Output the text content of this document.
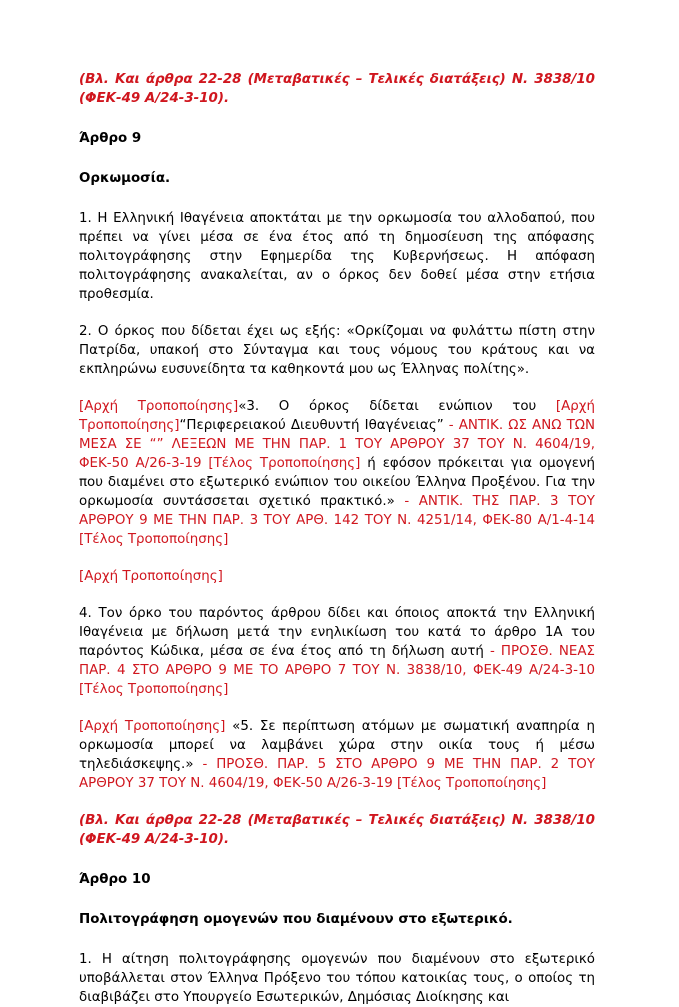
(Βλ. Και άρθρα 22-28 (Μεταβατικές – Τελικές διατάξεις) Ν. 3838/10 (ΦΕΚ-49 Α/24-3-10).

Άρθρο 9

Ορκωμοσία.

1. Η Ελληνική Ιθαγένεια αποκτάται με την ορκωμοσία του αλλοδαπού, που πρέπει να γίνει μέσα σε ένα έτος από τη δημοσίευση της απόφασης πολιτογράφησης στην Εφημερίδα της Κυβερνήσεως. Η απόφαση πολιτογράφησης ανακαλείται, αν ο όρκος δεν δοθεί μέσα στην ετήσια προθεσμία.

2. Ο όρκος που δίδεται έχει ως εξής: «Ορκίζομαι να φυλάττω πίστη στην Πατρίδα, υπακοή στο Σύνταγμα και τους νόμους του κράτους και να εκπληρώνω ευσυνείδητα τα καθηκοντά μου ως Έλληνας πολίτης».

[Αρχή Τροποποίησης]«3. Ο όρκος δίδεται ενώπιον του [Αρχή Τροποποίησης]“Περιφερειακού Διευθυντή Ιθαγένειας” - ΑΝΤΙΚ. ΩΣ ΑΝΩ ΤΩΝ ΜΕΣΑ ΣΕ “” ΛΕΞΕΩΝ ΜΕ ΤΗΝ ΠΑΡ. 1 ΤΟΥ ΑΡΘΡΟΥ 37 ΤΟΥ Ν. 4604/19, ΦΕΚ-50 Α/26-3-19 [Τέλος Τροποποίησης] ή εφόσον πρόκειται για ομογενή που διαμένει στο εξωτερικό ενώπιον του οικείου Έλληνα Προξένου. Για την ορκωμοσία συντάσσεται σχετικό πρακτικό.» - ΑΝΤΙΚ. ΤΗΣ ΠΑΡ. 3 ΤΟΥ ΑΡΘΡΟΥ 9 ΜΕ ΤΗΝ ΠΑΡ. 3 ΤΟΥ ΑΡΘ. 142 ΤΟΥ Ν. 4251/14, ΦΕΚ-80 Α/1-4-14 [Τέλος Τροποποίησης]

[Αρχή Τροποποίησης]

4. Τον όρκο του παρόντος άρθρου δίδει και όποιος αποκτά την Ελληνική Ιθαγένεια με δήλωση μετά την ενηλικίωση του κατά το άρθρο 1Α του παρόντος Κώδικα, μέσα σε ένα έτος από τη δήλωση αυτή - ΠΡΟΣΘ. ΝΕΑΣ ΠΑΡ. 4 ΣΤΟ ΑΡΘΡΟ 9 ΜΕ ΤΟ ΑΡΘΡΟ 7 ΤΟΥ Ν. 3838/10, ΦΕΚ-49 Α/24-3-10 [Τέλος Τροποποίησης]

[Αρχή Τροποποίησης] «5. Σε περίπτωση ατόμων με σωματική αναπηρία η ορκωμοσία μπορεί να λαμβάνει χώρα στην οικία τους ή μέσω τηλεδιάσκεψης.» - ΠΡΟΣΘ. ΠΑΡ. 5 ΣΤΟ ΑΡΘΡΟ 9 ΜΕ ΤΗΝ ΠΑΡ. 2 ΤΟΥ ΑΡΘΡΟΥ 37 ΤΟΥ Ν. 4604/19, ΦΕΚ-50 Α/26-3-19 [Τέλος Τροποποίησης]

(Βλ. Και άρθρα 22-28 (Μεταβατικές – Τελικές διατάξεις) Ν. 3838/10 (ΦΕΚ-49 Α/24-3-10).

Άρθρο 10

Πολιτογράφηση ομογενών που διαμένουν στο εξωτερικό.

1. Η αίτηση πολιτογράφησης ομογενών που διαμένουν στο εξωτερικό υποβάλλεται στον Έλληνα Πρόξενο του τόπου κατοικίας τους, ο οποίος τη διαβιβάζει στο Υπουργείο Εσωτερικών, Δημόσιας Διοίκησης και
